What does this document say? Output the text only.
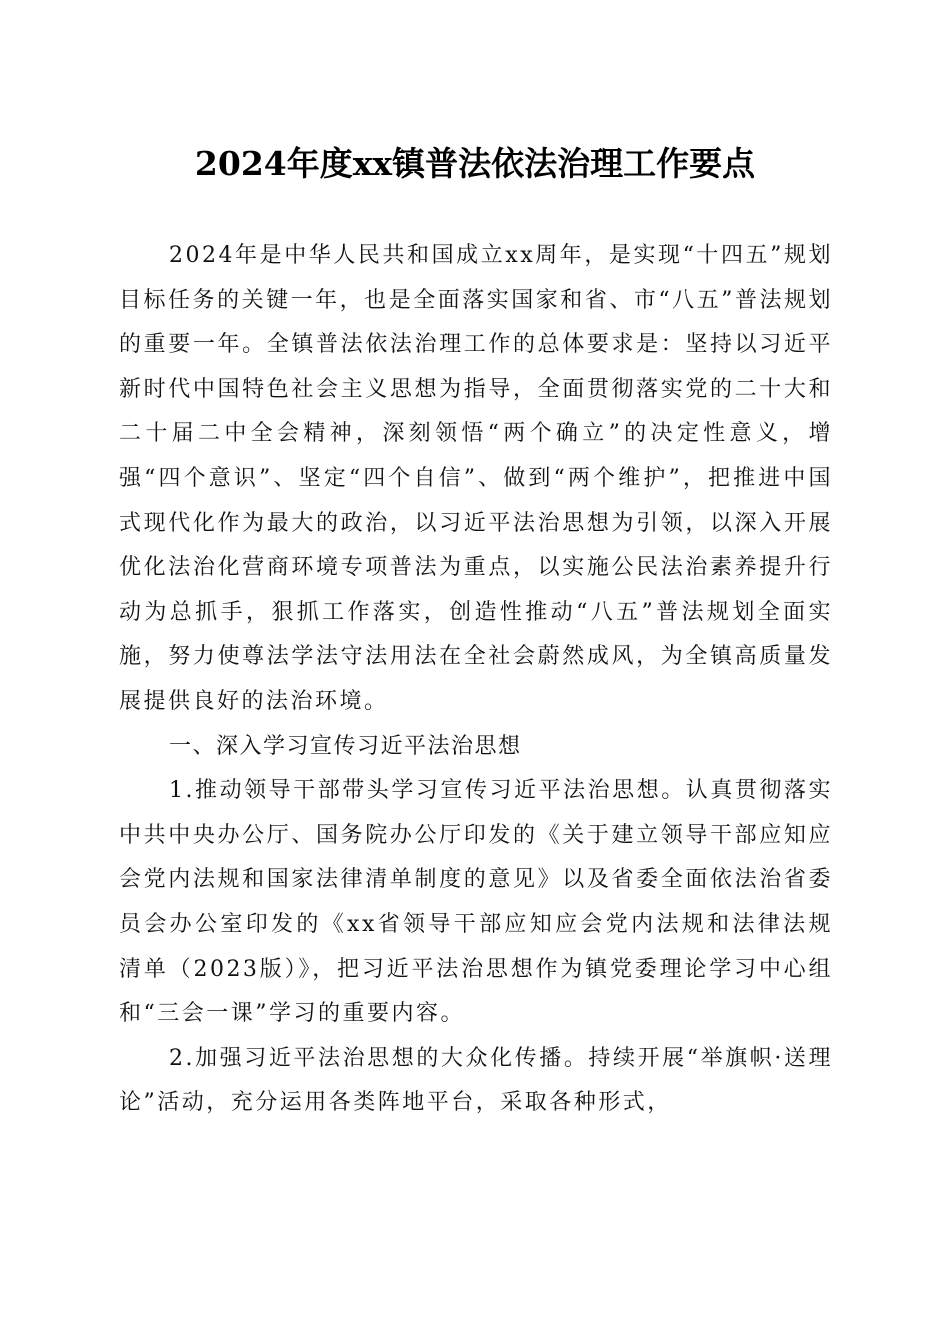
2024年度xx镇普法依法治理工作要点

2024年是中华人民共和国成立xx周年，是实现“十四五”规划目标任务的关键一年，也是全面落实国家和省、市“八五”普法规划的重要一年。全镇普法依法治理工作的总体要求是：坚持以习近平新时代中国特色社会主义思想为指导，全面贯彻落实党的二十大和二十届二中全会精神，深刻领悟“两个确立”的决定性意义，增强“四个意识”、坚定“四个自信”、做到“两个维护”，把推进中国式现代化作为最大的政治，以习近平法治思想为引领，以深入开展优化法治化营商环境专项普法为重点，以实施公民法治素养提升行动为总抓手，狠抓工作落实，创造性推动“八五”普法规划全面实施，努力使尊法学法守法用法在全社会蔚然成风，为全镇高质量发展提供良好的法治环境。

一、深入学习宣传习近平法治思想

1.推动领导干部带头学习宣传习近平法治思想。认真贯彻落实中共中央办公厅、国务院办公厅印发的《关于建立领导干部应知应会党内法规和国家法律清单制度的意见》以及省委全面依法治省委员会办公室印发的《xx省领导干部应知应会党内法规和法律法规清单（2023版）》，把习近平法治思想作为镇党委理论学习中心组和“三会一课”学习的重要内容。

2.加强习近平法治思想的大众化传播。持续开展“举旗帜·送理论”活动，充分运用各类阵地平台，采取各种形式，
